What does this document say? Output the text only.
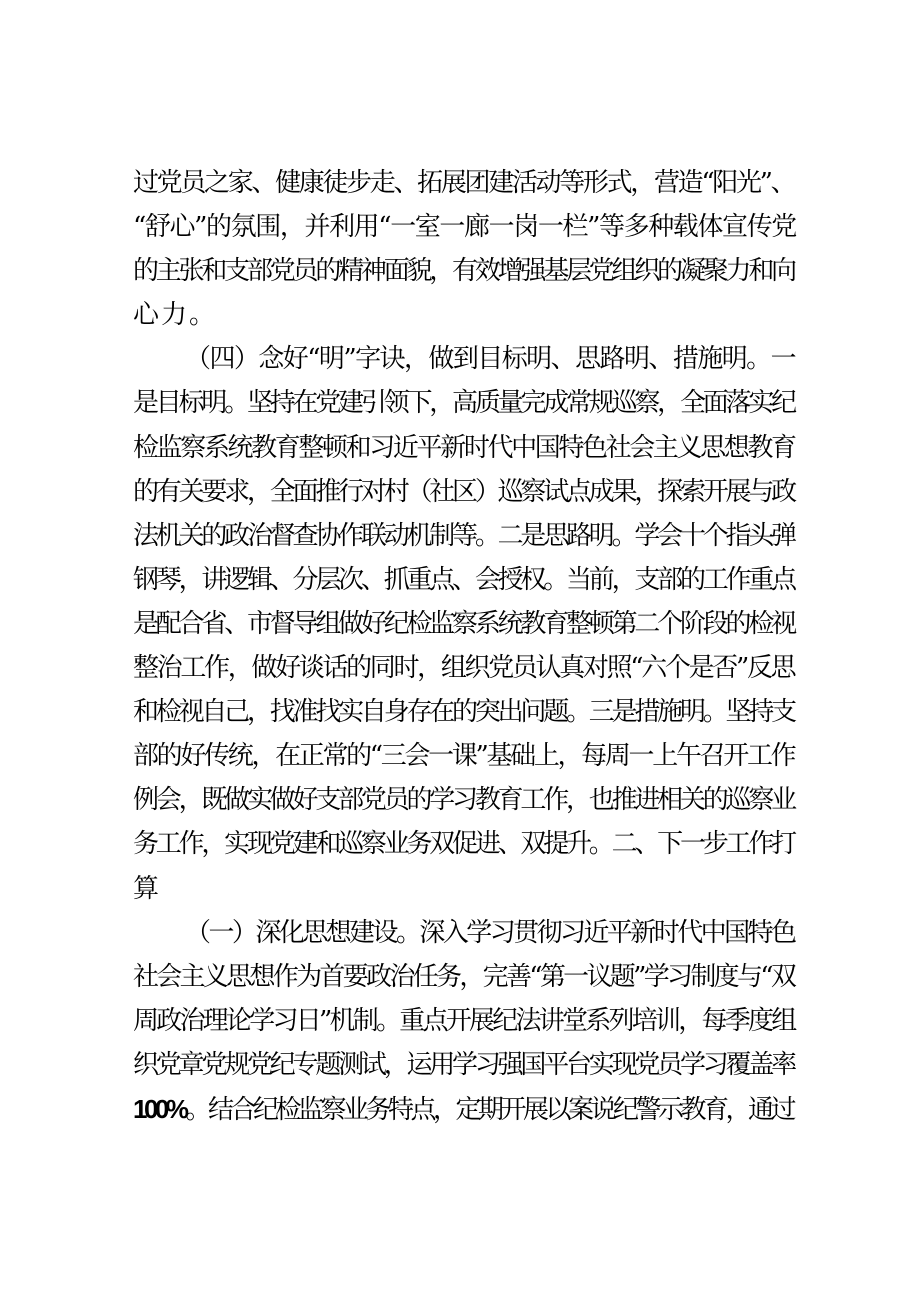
过党员之家、健康徒步走、拓展团建活动等形式，营造“阳光”、
“舒心”的氛围，并利用“一室一廊一岗一栏”等多种载体宣传党
的主张和支部党员的精神面貌，有效增强基层党组织的凝聚力和向
心力。
（四）念好“明”字诀，做到目标明、思路明、措施明。一
是目标明。坚持在党建引领下，高质量完成常规巡察，全面落实纪
检监察系统教育整顿和习近平新时代中国特色社会主义思想教育
的有关要求，全面推行对村（社区）巡察试点成果，探索开展与政
法机关的政治督查协作联动机制等。二是思路明。学会十个指头弹
钢琴，讲逻辑、分层次、抓重点、会授权。当前，支部的工作重点
是配合省、市督导组做好纪检监察系统教育整顿第二个阶段的检视
整治工作，做好谈话的同时，组织党员认真对照“六个是否”反思
和检视自己，找准找实自身存在的突出问题。三是措施明。坚持支
部的好传统，在正常的“三会一课”基础上，每周一上午召开工作
例会，既做实做好支部党员的学习教育工作，也推进相关的巡察业
务工作，实现党建和巡察业务双促进、双提升。二、下一步工作打
算
（一）深化思想建设。深入学习贯彻习近平新时代中国特色
社会主义思想作为首要政治任务，完善“第一议题”学习制度与“双
周政治理论学习日”机制。重点开展纪法讲堂系列培训，每季度组
织党章党规党纪专题测试，运用学习强国平台实现党员学习覆盖率
100%。结合纪检监察业务特点，定期开展以案说纪警示教育，通过
